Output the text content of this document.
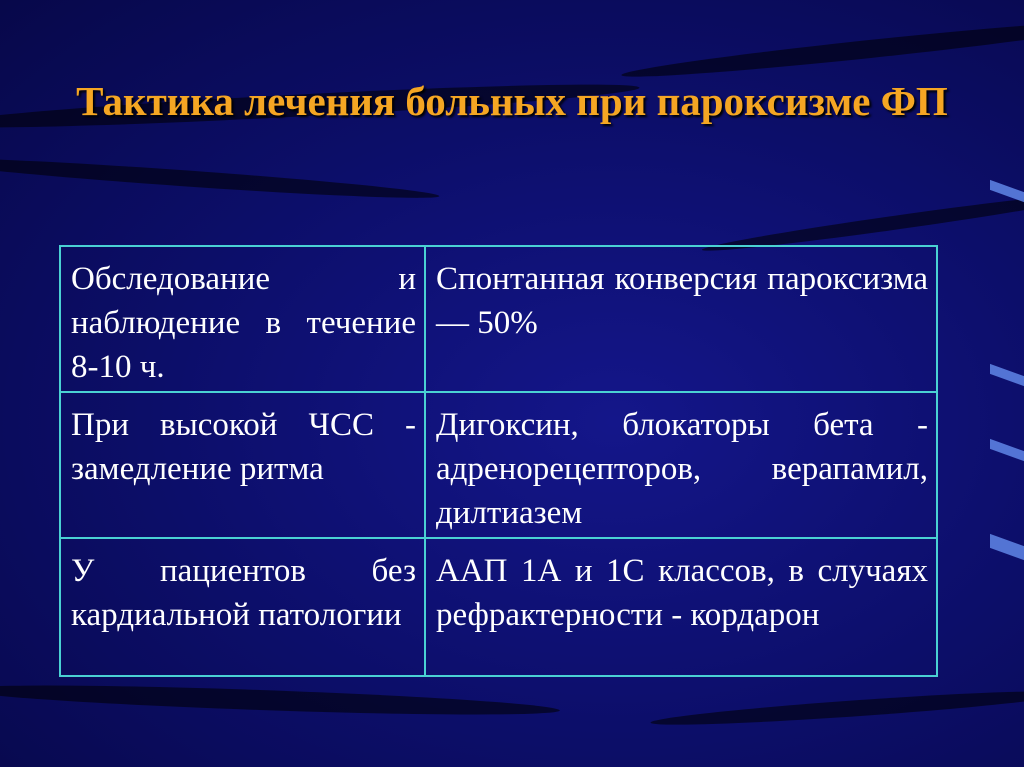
Тактика лечения больных при пароксизме ФП
Обследование и наблюдение в течение 8-10 ч.	Спонтанная конверсия пароксизма — 50%
При высокой ЧСС - замедление ритма	Дигоксин, блокаторы бета - адренорецепторов, верапамил, дилтиазем
У пациентов без кардиальной патологии	ААП 1А и 1С классов, в случаях рефрактерности - кордарон
